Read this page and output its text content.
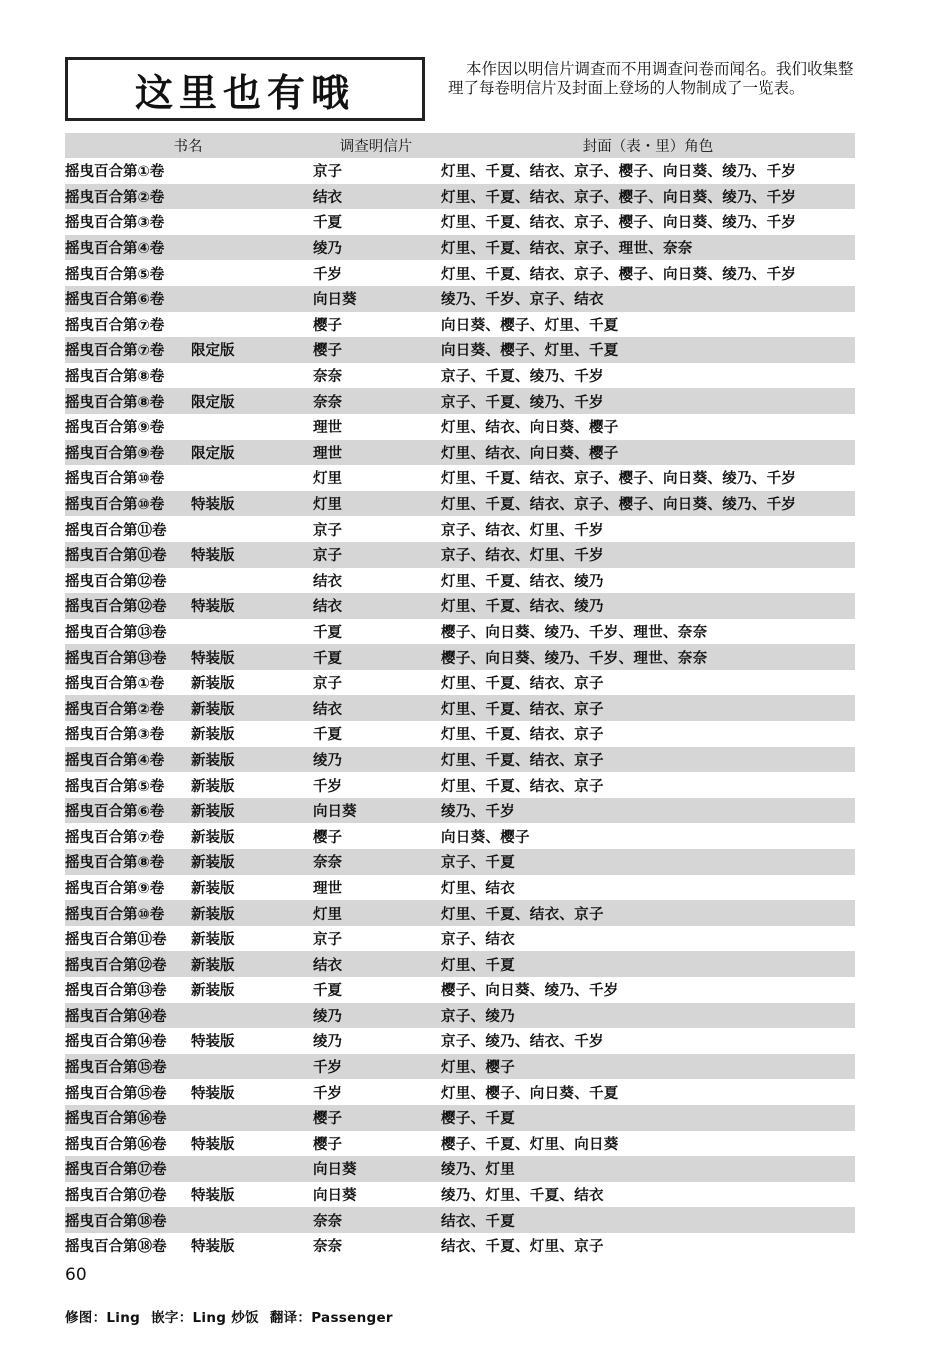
这里也有哦
本作因以明信片调查而不用调查问卷而闻名。我们收集整理了每卷明信片及封面上登场的人物制成了一览表。
书名	调查明信片	封面（表・里）角色
摇曳百合第①卷	京子	灯里、千夏、结衣、京子、樱子、向日葵、绫乃、千岁
摇曳百合第②卷	结衣	灯里、千夏、结衣、京子、樱子、向日葵、绫乃、千岁
摇曳百合第③卷	千夏	灯里、千夏、结衣、京子、樱子、向日葵、绫乃、千岁
摇曳百合第④卷	绫乃	灯里、千夏、结衣、京子、理世、奈奈
摇曳百合第⑤卷	千岁	灯里、千夏、结衣、京子、樱子、向日葵、绫乃、千岁
摇曳百合第⑥卷	向日葵	绫乃、千岁、京子、结衣
摇曳百合第⑦卷	樱子	向日葵、樱子、灯里、千夏
摇曳百合第⑦卷 限定版	樱子	向日葵、樱子、灯里、千夏
摇曳百合第⑧卷	奈奈	京子、千夏、绫乃、千岁
摇曳百合第⑧卷 限定版	奈奈	京子、千夏、绫乃、千岁
摇曳百合第⑨卷	理世	灯里、结衣、向日葵、樱子
摇曳百合第⑨卷 限定版	理世	灯里、结衣、向日葵、樱子
摇曳百合第⑩卷	灯里	灯里、千夏、结衣、京子、樱子、向日葵、绫乃、千岁
摇曳百合第⑩卷 特装版	灯里	灯里、千夏、结衣、京子、樱子、向日葵、绫乃、千岁
摇曳百合第⑪卷	京子	京子、结衣、灯里、千岁
摇曳百合第⑪卷 特装版	京子	京子、结衣、灯里、千岁
摇曳百合第⑫卷	结衣	灯里、千夏、结衣、绫乃
摇曳百合第⑫卷 特装版	结衣	灯里、千夏、结衣、绫乃
摇曳百合第⑬卷	千夏	樱子、向日葵、绫乃、千岁、理世、奈奈
摇曳百合第⑬卷 特装版	千夏	樱子、向日葵、绫乃、千岁、理世、奈奈
摇曳百合第①卷 新装版	京子	灯里、千夏、结衣、京子
摇曳百合第②卷 新装版	结衣	灯里、千夏、结衣、京子
摇曳百合第③卷 新装版	千夏	灯里、千夏、结衣、京子
摇曳百合第④卷 新装版	绫乃	灯里、千夏、结衣、京子
摇曳百合第⑤卷 新装版	千岁	灯里、千夏、结衣、京子
摇曳百合第⑥卷 新装版	向日葵	绫乃、千岁
摇曳百合第⑦卷 新装版	樱子	向日葵、樱子
摇曳百合第⑧卷 新装版	奈奈	京子、千夏
摇曳百合第⑨卷 新装版	理世	灯里、结衣
摇曳百合第⑩卷 新装版	灯里	灯里、千夏、结衣、京子
摇曳百合第⑪卷 新装版	京子	京子、结衣
摇曳百合第⑫卷 新装版	结衣	灯里、千夏
摇曳百合第⑬卷 新装版	千夏	樱子、向日葵、绫乃、千岁
摇曳百合第⑭卷	绫乃	京子、绫乃
摇曳百合第⑭卷 特装版	绫乃	京子、绫乃、结衣、千岁
摇曳百合第⑮卷	千岁	灯里、樱子
摇曳百合第⑮卷 特装版	千岁	灯里、樱子、向日葵、千夏
摇曳百合第⑯卷	樱子	樱子、千夏
摇曳百合第⑯卷 特装版	樱子	樱子、千夏、灯里、向日葵
摇曳百合第⑰卷	向日葵	绫乃、灯里
摇曳百合第⑰卷 特装版	向日葵	绫乃、灯里、千夏、结衣
摇曳百合第⑱卷	奈奈	结衣、千夏
摇曳百合第⑱卷 特装版	奈奈	结衣、千夏、灯里、京子
60
修图：Ling 嵌字：Ling 炒饭 翻译：Passenger
